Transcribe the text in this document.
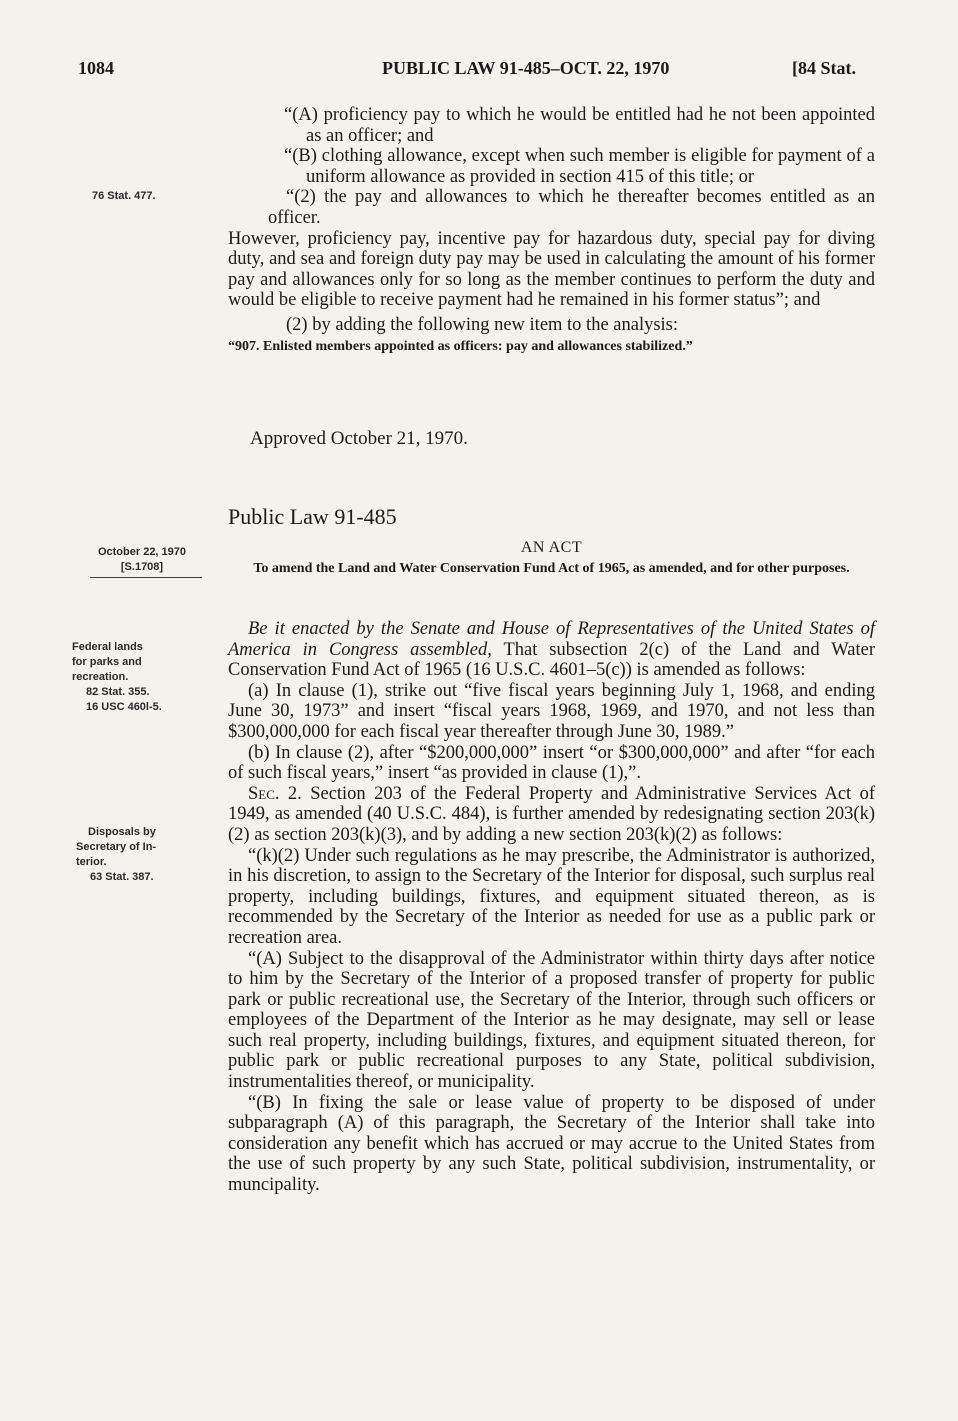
1084	PUBLIC LAW 91-485–OCT. 22, 1970	[84 Stat.
76 Stat. 477.
October 22, 1970
[S.1708]
Federal lands
for parks and
recreation.
82 Stat. 355.
16 USC 460l-5.
Disposals by
Secretary of In-
terior.
63 Stat. 387.

“(A) proficiency pay to which he would be entitled had he not been appointed as an officer; and

“(B) clothing allowance, except when such member is eligible for payment of a uniform allowance as provided in section 415 of this title; or

“(2) the pay and allowances to which he thereafter becomes entitled as an officer.

However, proficiency pay, incentive pay for hazardous duty, special pay for diving duty, and sea and foreign duty pay may be used in calculating the amount of his former pay and allowances only for so long as the member continues to perform the duty and would be eligible to receive payment had he remained in his former status”; and

(2) by adding the following new item to the analysis:

“907. Enlisted members appointed as officers: pay and allowances stabilized.”

Approved October 21, 1970.
Public Law 91-485
AN ACT
To amend the Land and Water Conservation Fund Act of 1965, as amended, and for other purposes.

Be it enacted by the Senate and House of Representatives of the United States of America in Congress assembled, That subsection 2(c) of the Land and Water Conservation Fund Act of 1965 (16 U.S.C. 4601–5(c)) is amended as follows:

(a) In clause (1), strike out “five fiscal years beginning July 1, 1968, and ending June 30, 1973” and insert “fiscal years 1968, 1969, and 1970, and not less than $300,000,000 for each fiscal year thereafter through June 30, 1989.”

(b) In clause (2), after “$200,000,000” insert “or $300,000,000” and after “for each of such fiscal years,” insert “as provided in clause (1),”.

Sec. 2. Section 203 of the Federal Property and Administrative Services Act of 1949, as amended (40 U.S.C. 484), is further amended by redesignating section 203(k)(2) as section 203(k)(3), and by adding a new section 203(k)(2) as follows:

“(k)(2) Under such regulations as he may prescribe, the Administrator is authorized, in his discretion, to assign to the Secretary of the Interior for disposal, such surplus real property, including buildings, fixtures, and equipment situated thereon, as is recommended by the Secretary of the Interior as needed for use as a public park or recreation area.

“(A) Subject to the disapproval of the Administrator within thirty days after notice to him by the Secretary of the Interior of a proposed transfer of property for public park or public recreational use, the Secretary of the Interior, through such officers or employees of the Department of the Interior as he may designate, may sell or lease such real property, including buildings, fixtures, and equipment situated thereon, for public park or public recreational purposes to any State, political subdivision, instrumentalities thereof, or municipality.

“(B) In fixing the sale or lease value of property to be disposed of under subparagraph (A) of this paragraph, the Secretary of the Interior shall take into consideration any benefit which has accrued or may accrue to the United States from the use of such property by any such State, political subdivision, instrumentality, or muncipality.
